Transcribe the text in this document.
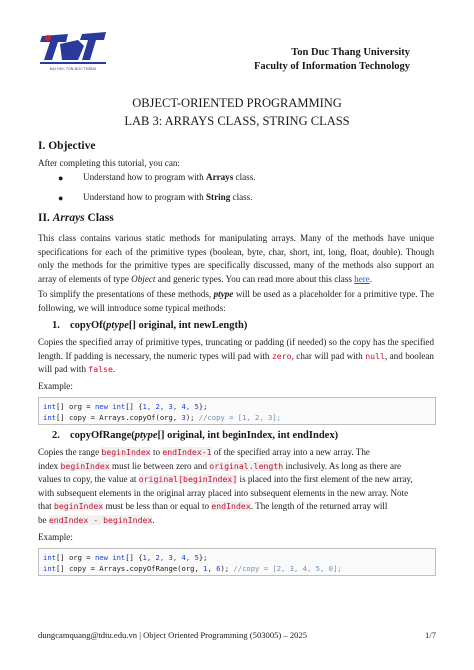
ĐẠI HỌC TÔN ĐỨC THẮNG
Ton Duc Thang University
Faculty of Information Technology
OBJECT-ORIENTED PROGRAMMING
LAB 3: ARRAYS CLASS, STRING CLASS
I. Objective
After completing this tutorial, you can:
● Understand how to program with Arrays class.
● Understand how to program with String class.
II. Arrays Class
This class contains various static methods for manipulating arrays. Many of the methods have unique specifications for each of the primitive types (boolean, byte, char, short, int, long, float, double). Though only the methods for the primitive types are specifically discussed, many of the methods also support an array of elements of type Object and generic types. You can read more about this class here.
To simplify the presentations of these methods, ptype will be used as a placeholder for a primitive type. The following, we will introduce some typical methods:
1. copyOf(ptype[] original, int newLength)
Copies the specified array of primitive types, truncating or padding (if needed) so the copy has the specified length. If padding is necessary, the numeric types will pad with zero, char will pad with null, and boolean will pad with false.
Example:
int[] org = new int[] {1, 2, 3, 4, 5};
int[] copy = Arrays.copyOf(org, 3); //copy = [1, 2, 3];
2. copyOfRange(ptype[] original, int beginIndex, int endIndex)
Copies the range beginIndex to endIndex-1 of the specified array into a new array. The
index beginIndex must lie between zero and original.length inclusively. As long as there are
values to copy, the value at original[beginIndex] is placed into the first element of the new array,
with subsequent elements in the original array placed into subsequent elements in the new array. Note
that beginIndex must be less than or equal to endIndex. The length of the returned array will
be endIndex - beginIndex.
Example:
int[] org = new int[] {1, 2, 3, 4, 5};
int[] copy = Arrays.copyOfRange(org, 1, 6); //copy = [2, 3, 4, 5, 0];
dungcamquang@tdtu.edu.vn | Object Oriented Programming (503005) – 2025	1/7
